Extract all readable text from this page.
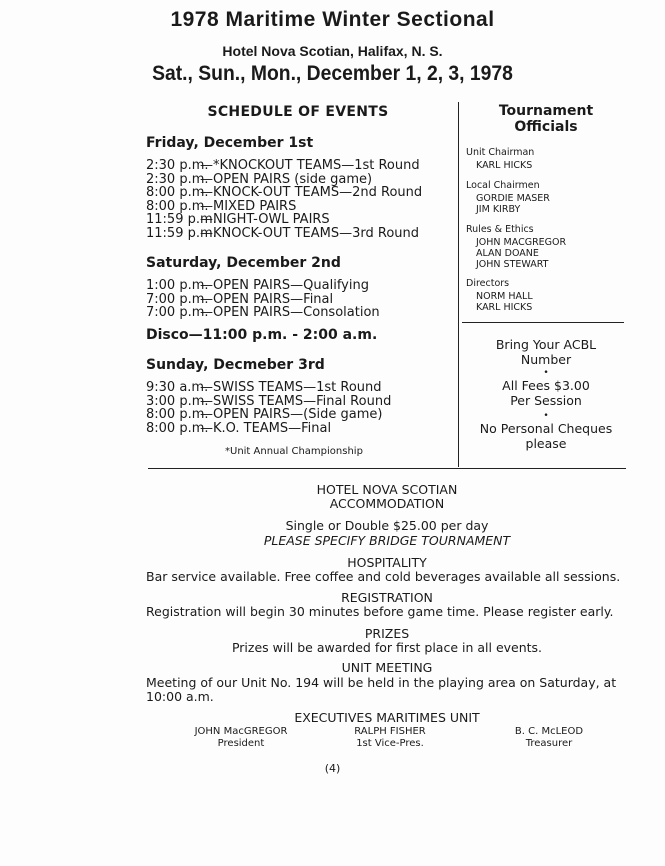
1978 Maritime Winter Sectional
Hotel Nova Scotian, Halifax, N. S.
Sat., Sun., Mon., December 1, 2, 3, 1978
SCHEDULE OF EVENTS
Friday, December 1st
2:30 p.m.
—*KNOCKOUT TEAMS—1st Round
2:30 p.m.
—OPEN PAIRS (side game)
8:00 p.m.
—KNOCK-OUT TEAMS—2nd Round
8:00 p.m.
—MIXED PAIRS
11:59 p.m.
—NIGHT-OWL PAIRS
11:59 p.m.
—KNOCK-OUT TEAMS—3rd Round
Saturday, December 2nd
1:00 p.m.
—OPEN PAIRS—Qualifying
7:00 p.m.
—OPEN PAIRS—Final
7:00 p.m.
—OPEN PAIRS—Consolation
Disco—11:00 p.m. - 2:00 a.m.
Sunday, Decmeber 3rd
9:30 a.m.
—SWISS TEAMS—1st Round
3:00 p.m.
—SWISS TEAMS—Final Round
8:00 p.m.
—OPEN PAIRS—(Side game)
8:00 p.m.
—K.O. TEAMS—Final
*Unit Annual Championship
Tournament
Officials
Unit Chairman
KARL HICKS
Local Chairmen
GORDIE MASER
JIM KIRBY
Rules & Ethics
JOHN MACGREGOR
ALAN DOANE
JOHN STEWART
Directors
NORM HALL
KARL HICKS
Bring Your ACBL
Number
•
All Fees $3.00
Per Session
•
No Personal Cheques
please
HOTEL NOVA SCOTIAN
ACCOMMODATION
Single or Double $25.00 per day
PLEASE SPECIFY BRIDGE TOURNAMENT
HOSPITALITY
Bar service available. Free coffee and cold beverages available all sessions.
REGISTRATION
Registration will begin 30 minutes before game time. Please register early.
PRIZES
Prizes will be awarded for first place in all events.
UNIT MEETING
Meeting of our Unit No. 194 will be held in the playing area on Saturday, at 10:00 a.m.
EXECUTIVES MARITIMES UNIT
JOHN MacGREGOR
President
RALPH FISHER
1st Vice-Pres.
B. C. McLEOD
Treasurer
(4)
